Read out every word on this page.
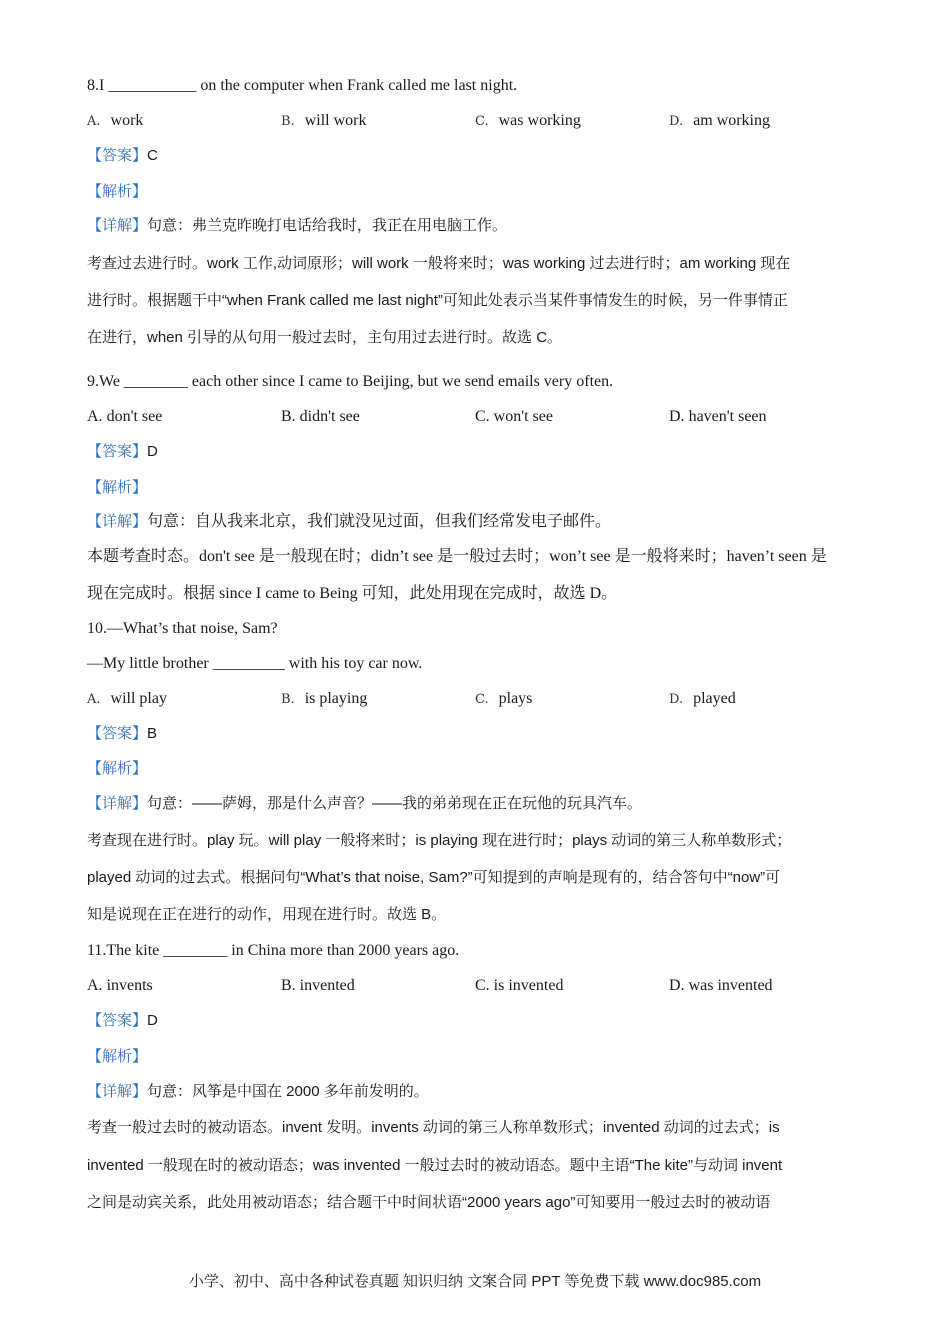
8.I ___________ on the computer when Frank called me last night.
A. work	B. will work	C. was working	D. am working
【答案】C
【解析】
【详解】句意：弗兰克昨晚打电话给我时，我正在用电脑工作。
考查过去进行时。work 工作,动词原形；will work 一般将来时；was working 过去进行时；am working 现在
进行时。根据题干中“when Frank called me last night”可知此处表示当某件事情发生的时候，另一件事情正
在进行，when 引导的从句用一般过去时，主句用过去进行时。故选 C。
9.We ________ each other since I came to Beijing, but we send emails very often.
A. don't see	B. didn't see	C. won't see	D. haven't seen
【答案】D
【解析】
【详解】句意：自从我来北京，我们就没见过面，但我们经常发电子邮件。
本题考查时态。don't see 是一般现在时；didn’t see 是一般过去时；won’t see 是一般将来时；haven’t seen 是
现在完成时。根据 since I came to Being 可知，此处用现在完成时，故选 D。
10.—What’s that noise, Sam?
—My little brother _________ with his toy car now.
A. will play	B. is playing	C. plays	D. played
【答案】B
【解析】
【详解】句意：——萨姆，那是什么声音？——我的弟弟现在正在玩他的玩具汽车。
考查现在进行时。play 玩。will play 一般将来时；is playing 现在进行时；plays 动词的第三人称单数形式；
played 动词的过去式。根据问句“What’s that noise, Sam?”可知提到的声响是现有的，结合答句中“now”可
知是说现在正在进行的动作，用现在进行时。故选 B。
11.The kite ________ in China more than 2000 years ago.
A. invents	B. invented	C. is invented	D. was invented
【答案】D
【解析】
【详解】句意：风筝是中国在 2000 多年前发明的。
考查一般过去时的被动语态。invent 发明。invents 动词的第三人称单数形式；invented 动词的过去式；is
invented 一般现在时的被动语态；was invented 一般过去时的被动语态。题中主语“The kite”与动词 invent
之间是动宾关系，此处用被动语态；结合题干中时间状语“2000 years ago”可知要用一般过去时的被动语
小学、初中、高中各种试卷真题 知识归纳 文案合同 PPT 等免费下载 www.doc985.com
